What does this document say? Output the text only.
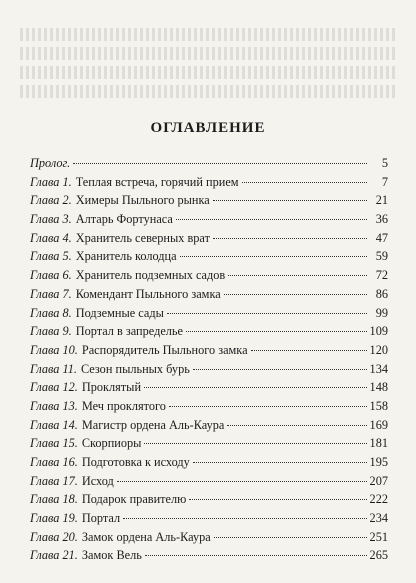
ОГЛАВЛЕНИЕ
Пролог.	5
Глава 1. Теплая встреча, горячий прием	7
Глава 2. Химеры Пыльного рынка	21
Глава 3. Алтарь Фортунаса	36
Глава 4. Хранитель северных врат	47
Глава 5. Хранитель колодца	59
Глава 6. Хранитель подземных садов	72
Глава 7. Комендант Пыльного замка	86
Глава 8. Подземные сады	99
Глава 9. Портал в запределье	109
Глава 10. Распорядитель Пыльного замка	120
Глава 11. Сезон пыльных бурь	134
Глава 12. Проклятый	148
Глава 13. Меч проклятого	158
Глава 14. Магистр ордена Аль-Каура	169
Глава 15. Скорпиоры	181
Глава 16. Подготовка к исходу	195
Глава 17. Исход	207
Глава 18. Подарок правителю	222
Глава 19. Портал	234
Глава 20. Замок ордена Аль-Каура	251
Глава 21. Замок Вель	265
